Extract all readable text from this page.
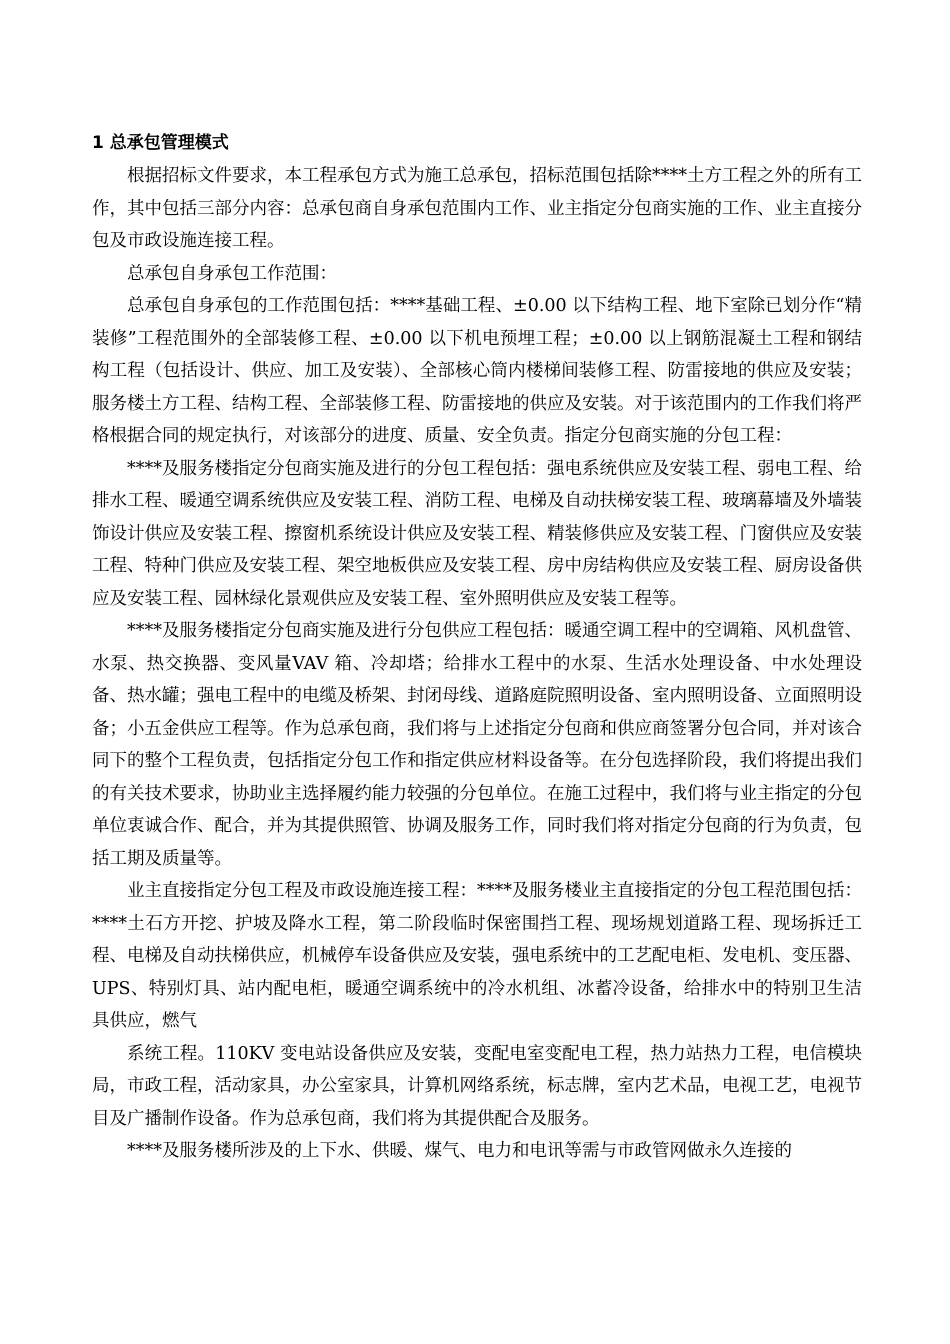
1 总承包管理模式

根据招标文件要求，本工程承包方式为施工总承包，招标范围包括除****土方工程之外的所有工作，其中包括三部分内容：总承包商自身承包范围内工作、业主指定分包商实施的工作、业主直接分包及市政设施连接工程。

总承包自身承包工作范围：

总承包自身承包的工作范围包括：****基础工程、±0.00 以下结构工程、地下室除已划分作“精装修”工程范围外的全部装修工程、±0.00 以下机电预埋工程；±0.00 以上钢筋混凝土工程和钢结构工程（包括设计、供应、加工及安装）、全部核心筒内楼梯间装修工程、防雷接地的供应及安装；服务楼土方工程、结构工程、全部装修工程、防雷接地的供应及安装。对于该范围内的工作我们将严格根据合同的规定执行，对该部分的进度、质量、安全负责。指定分包商实施的分包工程：

****及服务楼指定分包商实施及进行的分包工程包括：强电系统供应及安装工程、弱电工程、给排水工程、暖通空调系统供应及安装工程、消防工程、电梯及自动扶梯安装工程、玻璃幕墙及外墙装饰设计供应及安装工程、擦窗机系统设计供应及安装工程、精装修供应及安装工程、门窗供应及安装工程、特种门供应及安装工程、架空地板供应及安装工程、房中房结构供应及安装工程、厨房设备供应及安装工程、园林绿化景观供应及安装工程、室外照明供应及安装工程等。

****及服务楼指定分包商实施及进行分包供应工程包括：暖通空调工程中的空调箱、风机盘管、水泵、热交换器、变风量VAV 箱、冷却塔；给排水工程中的水泵、生活水处理设备、中水处理设备、热水罐；强电工程中的电缆及桥架、封闭母线、道路庭院照明设备、室内照明设备、立面照明设备；小五金供应工程等。作为总承包商，我们将与上述指定分包商和供应商签署分包合同，并对该合同下的整个工程负责，包括指定分包工作和指定供应材料设备等。在分包选择阶段，我们将提出我们的有关技术要求，协助业主选择履约能力较强的分包单位。在施工过程中，我们将与业主指定的分包单位衷诚合作、配合，并为其提供照管、协调及服务工作，同时我们将对指定分包商的行为负责，包括工期及质量等。

业主直接指定分包工程及市政设施连接工程：****及服务楼业主直接指定的分包工程范围包括：****土石方开挖、护坡及降水工程，第二阶段临时保密围挡工程、现场规划道路工程、现场拆迁工程、电梯及自动扶梯供应，机械停车设备供应及安装，强电系统中的工艺配电柜、发电机、变压器、UPS、特别灯具、站内配电柜，暖通空调系统中的冷水机组、冰蓄冷设备，给排水中的特别卫生洁具供应，燃气

系统工程。110KV 变电站设备供应及安装，变配电室变配电工程，热力站热力工程，电信模块局，市政工程，活动家具，办公室家具，计算机网络系统，标志牌，室内艺术品，电视工艺，电视节目及广播制作设备。作为总承包商，我们将为其提供配合及服务。

****及服务楼所涉及的上下水、供暖、煤气、电力和电讯等需与市政管网做永久连接的
